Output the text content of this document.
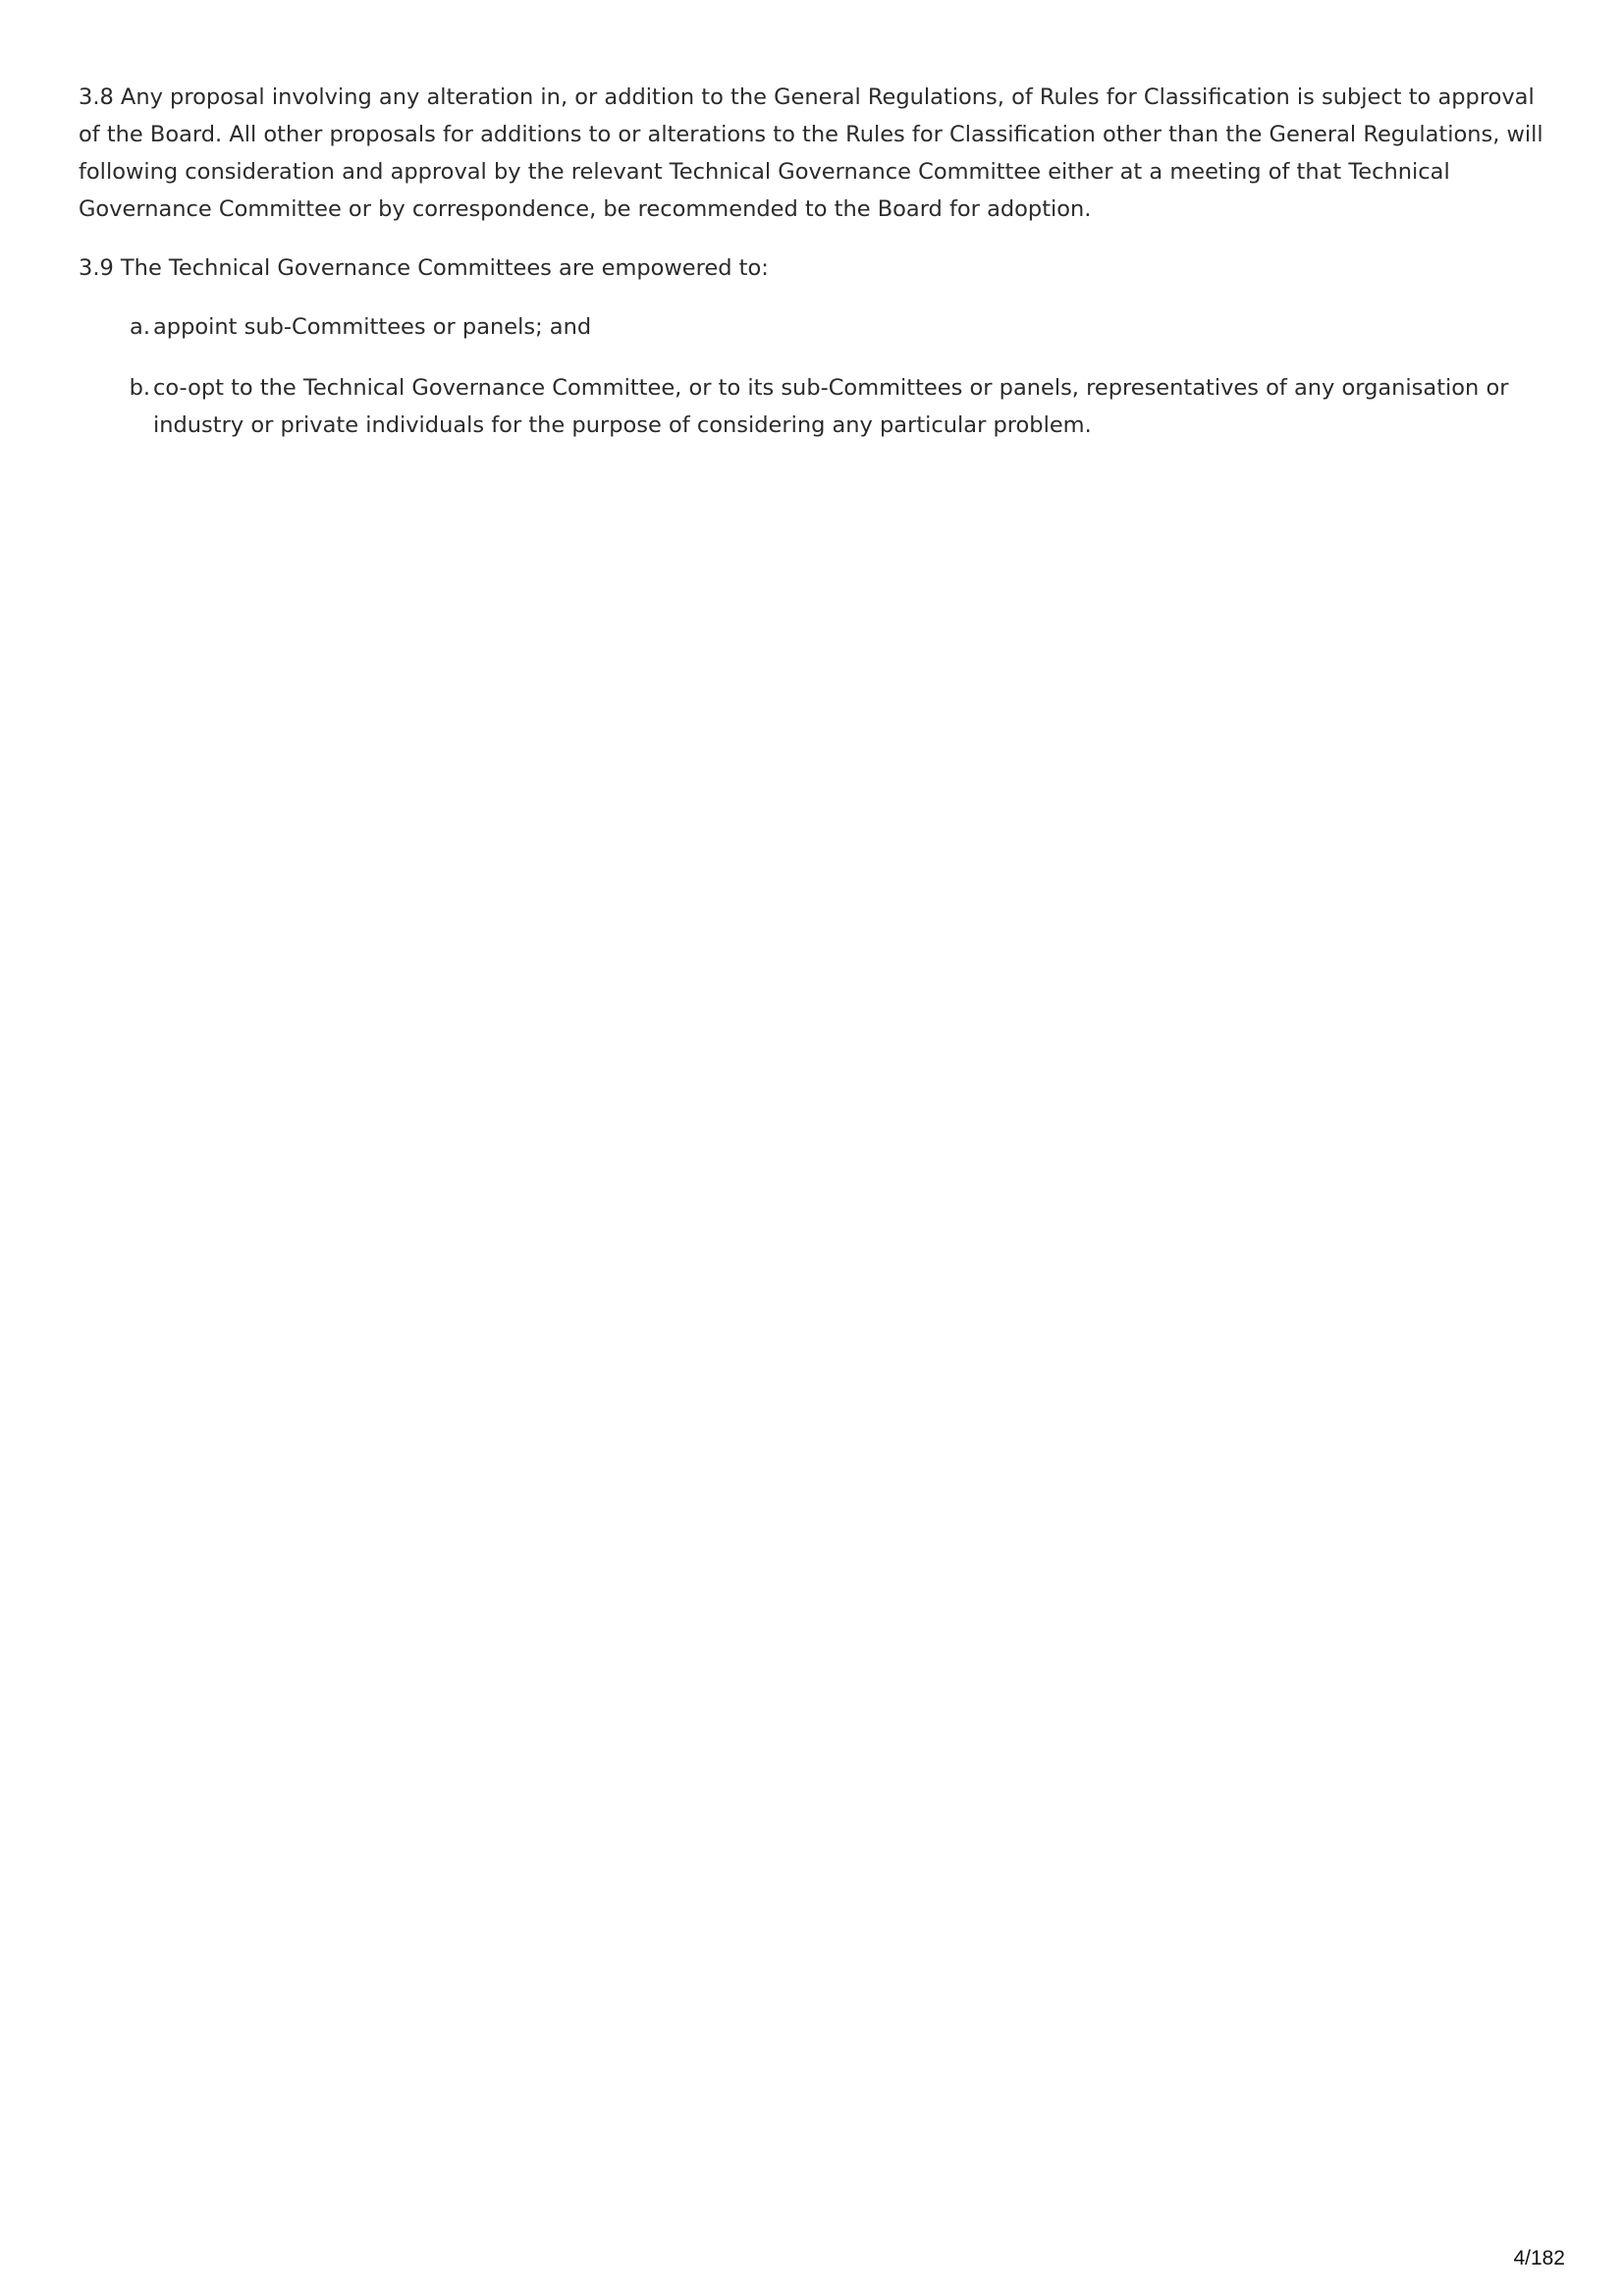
3.8 Any proposal involving any alteration in, or addition to the General Regulations, of Rules for Classification is subject to approval of the Board. All other proposals for additions to or alterations to the Rules for Classification other than the General Regulations, will following consideration and approval by the relevant Technical Governance Committee either at a meeting of that Technical Governance Committee or by correspondence, be recommended to the Board for adoption.

3.9 The Technical Governance Committees are empowered to:

a. appoint sub-Committees or panels; and
b. co-opt to the Technical Governance Committee, or to its sub-Committees or panels, representatives of any organisation or industry or private individuals for the purpose of considering any particular problem.
4/182
